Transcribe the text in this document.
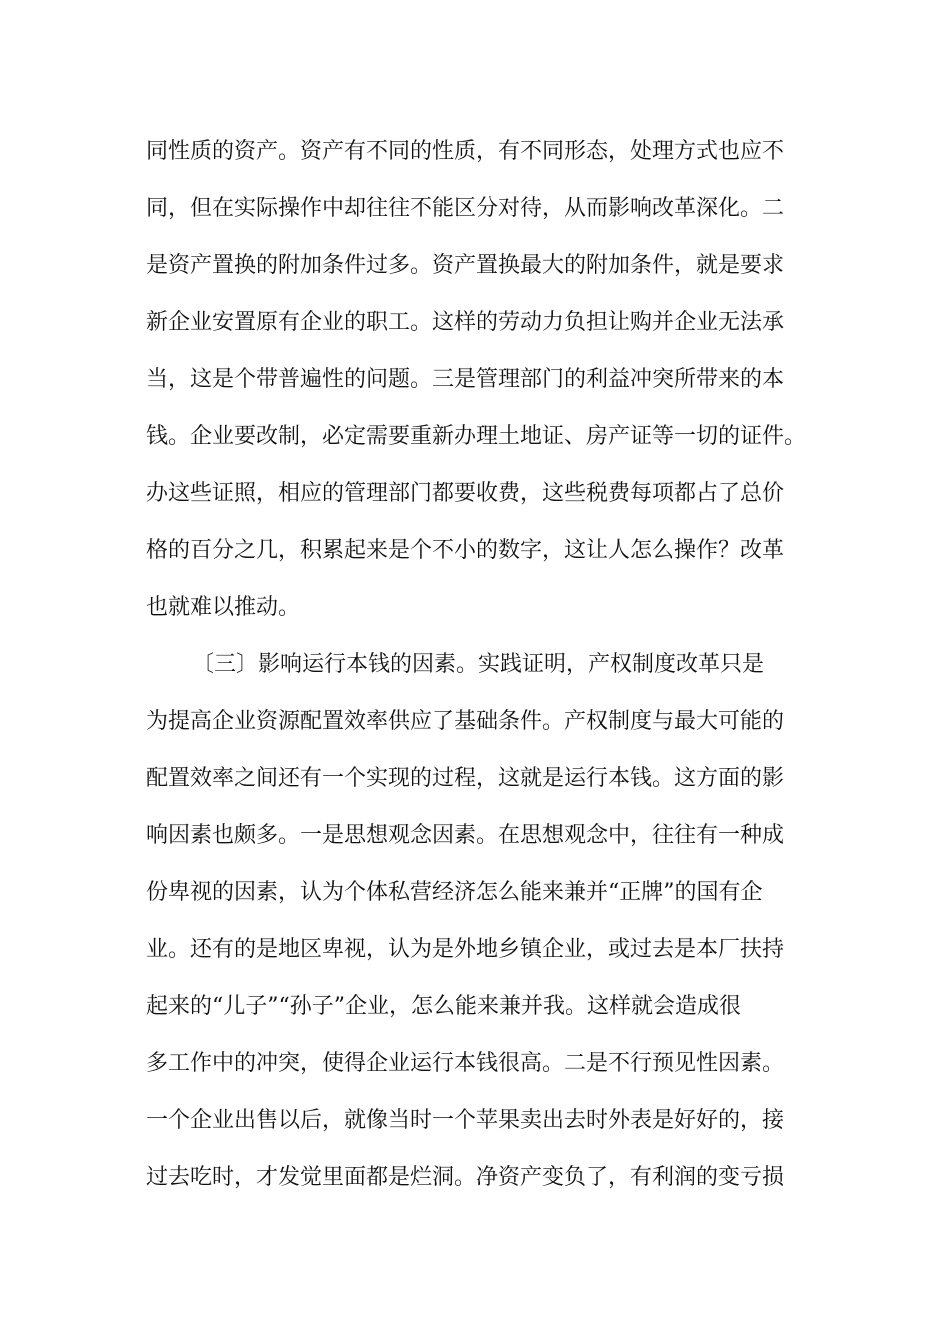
同性质的资产。资产有不同的性质，有不同形态，处理方式也应不
同，但在实际操作中却往往不能区分对待，从而影响改革深化。二
是资产置换的附加条件过多。资产置换最大的附加条件，就是要求
新企业安置原有企业的职工。这样的劳动力负担让购并企业无法承
当，这是个带普遍性的问题。三是管理部门的利益冲突所带来的本
钱。企业要改制，必定需要重新办理土地证、房产证等一切的证件。
办这些证照，相应的管理部门都要收费，这些税费每项都占了总价
格的百分之几，积累起来是个不小的数字，这让人怎么操作？改革
也就难以推动。
〔三〕影响运行本钱的因素。实践证明，产权制度改革只是
为提高企业资源配置效率供应了基础条件。产权制度与最大可能的
配置效率之间还有一个实现的过程，这就是运行本钱。这方面的影
响因素也颇多。一是思想观念因素。在思想观念中，往往有一种成
份卑视的因素，认为个体私营经济怎么能来兼并“正牌”的国有企
业。还有的是地区卑视，认为是外地乡镇企业，或过去是本厂扶持
起来的“儿子”“孙子”企业，怎么能来兼并我。这样就会造成很
多工作中的冲突，使得企业运行本钱很高。二是不行预见性因素。
一个企业出售以后，就像当时一个苹果卖出去时外表是好好的，接
过去吃时，才发觉里面都是烂洞。净资产变负了，有利润的变亏损
